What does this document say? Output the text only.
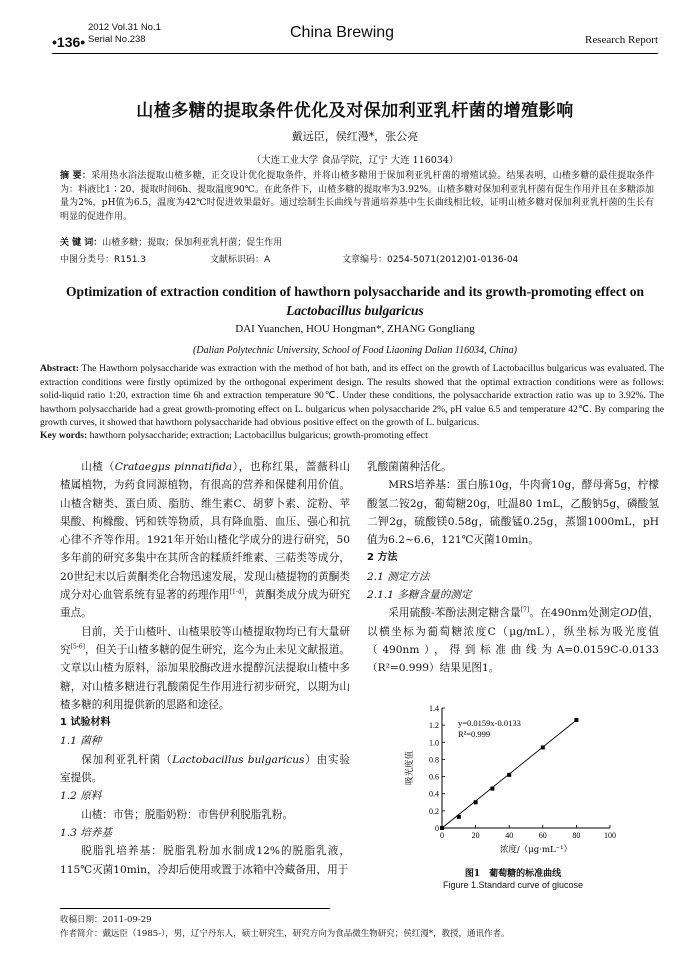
•136•
2012 Vol.31 No.1
Serial No.238	China Brewing	Research Report
山楂多糖的提取条件优化及对保加利亚乳杆菌的增殖影响
戴远臣，侯红漫*，张公亮
（大连工业大学 食品学院，辽宁 大连 116034）
摘 要：采用热水浴法提取山楂多糖，正交设计优化提取条件，并将山楂多糖用于保加利亚乳杆菌的增殖试验。结果表明，山楂多糖的最佳提取条件为：料液比1∶20、提取时间6h、提取温度90℃。在此条件下，山楂多糖的提取率为3.92%。山楂多糖对保加利亚乳杆菌有促生作用并且在多糖添加量为2%，pH值为6.5，温度为42℃时促进效果最好。通过绘制生长曲线与普通培养基中生长曲线相比较，证明山楂多糖对保加利亚乳杆菌的生长有明显的促进作用。
关 键 词：山楂多糖；提取；保加利亚乳杆菌；促生作用
中图分类号：R151.3	文献标识码：A	文章编号：0254-5071(2012)01-0136-04
Optimization of extraction condition of hawthorn polysaccharide and its growth-promoting effect on
Lactobacillus bulgaricus
DAI Yuanchen, HOU Hongman*, ZHANG Gongliang
(Dalian Polytechnic University, School of Food Liaoning Dalian 116034, China)
Abstract: The Hawthorn polysaccharide was extraction with the method of hot bath, and its effect on the growth of Lactobacillus bulgaricus was evaluated. The extraction conditions were firstly optimized by the orthogonal experiment design. The results showed that the optimal extraction conditions were as follows: solid-liquid ratio 1:20, extraction time 6h and extraction temperature 90℃. Under these conditions, the polysaccharide extraction ratio was up to 3.92%. The hawthorn polysaccharide had a great growth-promoting effect on L. bulgaricus when polysaccharide 2%, pH value 6.5 and temperature 42℃. By comparing the growth curves, it showed that hawthorn polysaccharide had obvious positive effect on the growth of L. bulgaricus.
Key words: hawthorn polysaccharide; extraction; Lactobacillus bulgaricus; growth-promoting effect

山楂（Crataegμs pinnatifida），也称红果，蔷薇科山楂属植物，为药食同源植物，有很高的营养和保健利用价值。山楂含糖类、蛋白质、脂肪、维生素C、胡萝卜素、淀粉、苹果酸、枸橼酸、钙和铁等物质，具有降血脂、血压、强心和抗心律不齐等作用。1921年开始山楂化学成分的进行研究，50多年前的研究多集中在其所含的糅质纤维素、三萜类等成分，20世纪末以后黄酮类化合物迅速发展，发现山楂提物的黄酮类成分对心血管系统有显著的药理作用[1-4]，黄酮类成分成为研究重点。

目前，关于山楂叶、山楂果胶等山楂提取物均已有大量研究[5-6]，但关于山楂多糖的促生研究，迄今为止未见文献报道。文章以山楂为原料，添加果胶酶改进水提醇沉法提取山楂中多糖，对山楂多糖进行乳酸菌促生作用进行初步研究，以期为山楂多糖的利用提供新的思路和途径。

1 试验材料

1.1 菌种

保加利亚乳杆菌（Lactobacillus bulgaricus）由实验室提供。

1.2 原料

山楂：市售；脱脂奶粉：市售伊利脱脂乳粉。

1.3 培养基

脱脂乳培养基：脱脂乳粉加水制成12%的脱脂乳液，115℃灭菌10min，冷却后使用或置于冰箱中冷藏备用，用于

乳酸菌菌种活化。

MRS培养基：蛋白胨10g，牛肉膏10g，酵母膏5g，柠檬酸氢二铵2g，葡萄糖20g，吐温80 1mL，乙酸钠5g，磷酸氢二钾2g，硫酸镁0.58g，硫酸锰0.25g，蒸馏1000mL，pH值为6.2~6.6，121℃灭菌10min。

2 方法

2.1 测定方法

2.1.1 多糖含量的测定

采用硫酸-苯酚法测定糖含量[7]。在490nm处测定OD值，以横坐标为葡萄糖浓度C（μg/mL），纵坐标为吸光度值（490nm），得到标准曲线为A=0.0159C-0.0133（R²=0.999）结果见图1。

0	20	40	60	80	100
0
0.2
0.4
0.6
0.8
1.0
1.2
1.4
y=0.0159x-0.0133
R²=0.999
浓度/（μg·mL⁻¹）
吸光度值
图1　葡萄糖的标准曲线
Figure 1.Standard curve of glucose
收稿日期：2011-09-29
作者简介：戴远臣（1985-），男，辽宁丹东人，硕士研究生，研究方向为食品微生物研究；侯红漫*，教授，通讯作者。
